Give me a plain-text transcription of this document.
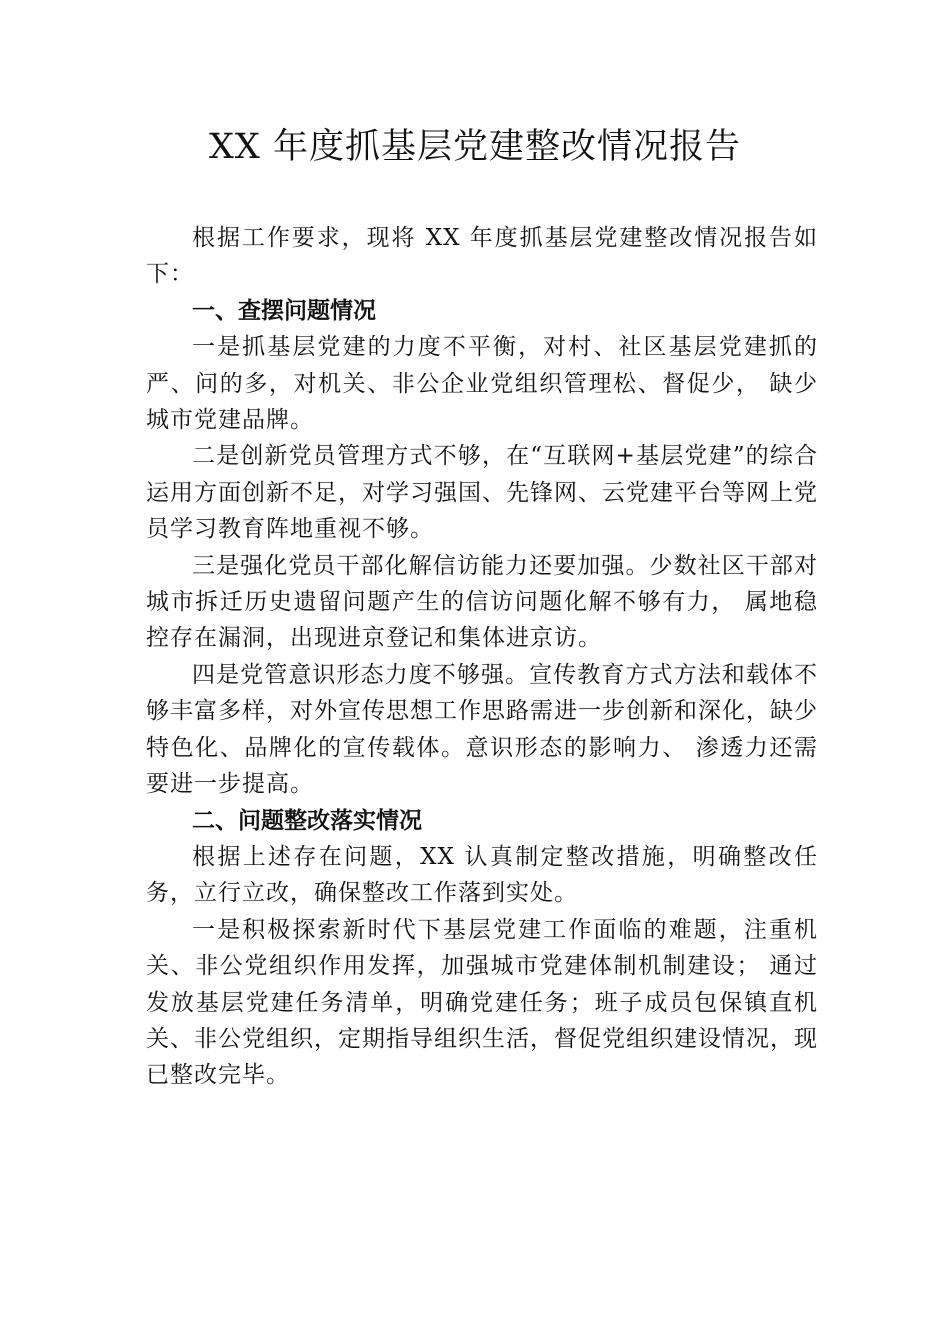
XX 年度抓基层党建整改情况报告

根据工作要求，现将 XX 年度抓基层党建整改情况报告如下：

一、查摆问题情况

一是抓基层党建的力度不平衡，对村、社区基层党建抓的严、问的多，对机关、非公企业党组织管理松、督促少， 缺少城市党建品牌。

二是创新党员管理方式不够，在“互联网+基层党建”的综合运用方面创新不足，对学习强国、先锋网、云党建平台等网上党员学习教育阵地重视不够。

三是强化党员干部化解信访能力还要加强。少数社区干部对城市拆迁历史遗留问题产生的信访问题化解不够有力， 属地稳控存在漏洞，出现进京登记和集体进京访。

四是党管意识形态力度不够强。宣传教育方式方法和载体不够丰富多样，对外宣传思想工作思路需进一步创新和深化，缺少特色化、品牌化的宣传载体。意识形态的影响力、 渗透力还需要进一步提高。

二、问题整改落实情况

根据上述存在问题，XX 认真制定整改措施，明确整改任务，立行立改，确保整改工作落到实处。

一是积极探索新时代下基层党建工作面临的难题，注重机关、非公党组织作用发挥，加强城市党建体制机制建设； 通过发放基层党建任务清单，明确党建任务；班子成员包保镇直机关、非公党组织，定期指导组织生活，督促党组织建设情况，现已整改完毕。
